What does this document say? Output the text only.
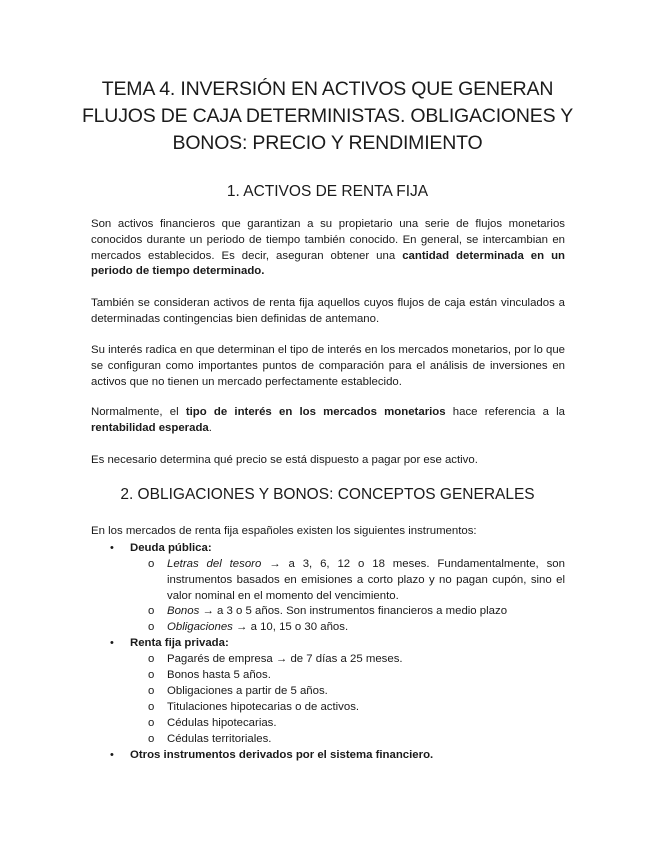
TEMA 4. INVERSIÓN EN ACTIVOS QUE GENERAN
FLUJOS DE CAJA DETERMINISTAS. OBLIGACIONES Y
BONOS: PRECIO Y RENDIMIENTO
1. ACTIVOS DE RENTA FIJA
Son activos financieros que garantizan a su propietario una serie de flujos monetarios conocidos durante un periodo de tiempo también conocido. En general, se intercambian en mercados establecidos. Es decir, aseguran obtener una cantidad determinada en un periodo de tiempo determinado.
También se consideran activos de renta fija aquellos cuyos flujos de caja están vinculados a determinadas contingencias bien definidas de antemano.
Su interés radica en que determinan el tipo de interés en los mercados monetarios, por lo que se configuran como importantes puntos de comparación para el análisis de inversiones en activos que no tienen un mercado perfectamente establecido.
Normalmente, el tipo de interés en los mercados monetarios hace referencia a la rentabilidad esperada.
Es necesario determina qué precio se está dispuesto a pagar por ese activo.
2. OBLIGACIONES Y BONOS: CONCEPTOS GENERALES
En los mercados de renta fija españoles existen los siguientes instrumentos:
• Deuda pública:
o Letras del tesoro → a 3, 6, 12 o 18 meses. Fundamentalmente, son instrumentos basados en emisiones a corto plazo y no pagan cupón, sino el valor nominal en el momento del vencimiento.
o Bonos → a 3 o 5 años. Son instrumentos financieros a medio plazo
o Obligaciones → a 10, 15 o 30 años.
• Renta fija privada:
o Pagarés de empresa → de 7 días a 25 meses.
o Bonos hasta 5 años.
o Obligaciones a partir de 5 años.
o Titulaciones hipotecarias o de activos.
o Cédulas hipotecarias.
o Cédulas territoriales.
• Otros instrumentos derivados por el sistema financiero.
